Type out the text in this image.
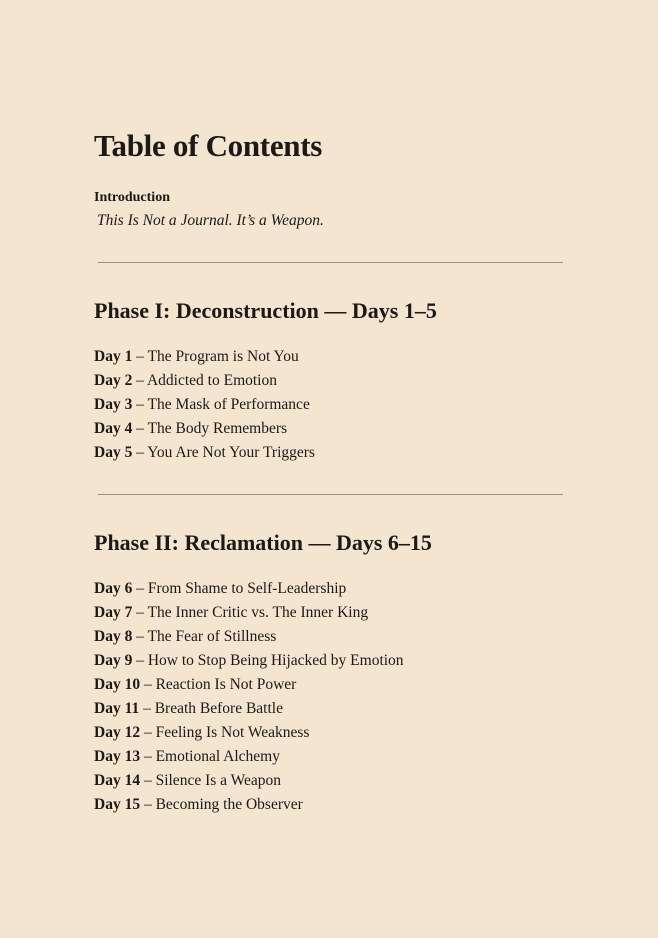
Table of Contents
Introduction
This Is Not a Journal. It’s a Weapon.
Phase I: Deconstruction — Days 1–5
Day 1 – The Program is Not You
Day 2 – Addicted to Emotion
Day 3 – The Mask of Performance
Day 4 – The Body Remembers
Day 5 – You Are Not Your Triggers
Phase II: Reclamation — Days 6–15
Day 6 – From Shame to Self-Leadership
Day 7 – The Inner Critic vs. The Inner King
Day 8 – The Fear of Stillness
Day 9 – How to Stop Being Hijacked by Emotion
Day 10 – Reaction Is Not Power
Day 11 – Breath Before Battle
Day 12 – Feeling Is Not Weakness
Day 13 – Emotional Alchemy
Day 14 – Silence Is a Weapon
Day 15 – Becoming the Observer
